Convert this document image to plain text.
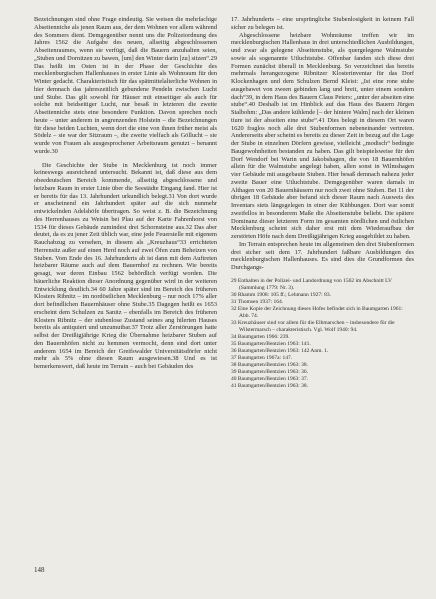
Bezeichnungen sind ohne Frage eindeutig. Sie weisen die mehrfachige Abseitenniche als jenen Raum aus, der dem Wohnen vor allem während des Sommers dient. Demgegenüber nennt uns die Polizeiordnung des Jahres 1562 die Aufgabe des neuen, allseitig abgeschlossenen Abseitenraumes, wenn sie verfügt, daß die Bauern anzuhalten seien, „Stuben und Dornitzen zu bawen, [um] den Winter darin [zu] sitzen“.29 Das heißt im Osten ist in der Phase der Geschichte des mecklenburgischen Hallenhauses in erster Linie als Wohnraum für den Winter gedacht. Charakteristisch für das spätmittelalterliche Wohnen in hier demnach das jahreszeitlich gebundene Pendeln zwischen Lucht und Stube. Das gilt sowohl für Häuser mit einseitiger als auch für solche mit beidseitiger Lucht, nur besaß in letzteren die zweite Abseitenniche stets eine besondere Funktion. Davon sprechen noch heute – unter anderem in angrenzenden Holstein – die Bezeichnungen für diese beiden Luchten, wenn dort die eine von ihnen früher meist als Södelz – sie war der Sitzraum –, die zweite vielfach als Göllucht – sie wurde von Frauen als ausgesprochener Arbeitsraum genutzt – benannt wurde.30

Die Geschichte der Stube in Mecklenburg ist noch immer keineswegs ausreichend untersucht. Bekannt ist, daß diese aus dem obeedeutschen Bereich kommende, allseitig abgeschlossene und heizbare Raum in erster Linie über die Seestädte Eingang fand. Hier ist er bereits für das 13. Jahrhundert urkundlich belegt.31 Von dort wurde er anscheinend ein Jahrhundert später auf die sich nunmehr entwickelnden Adelshöfe übertragen. So weist z. B. die Bezeichnung des Herrenhauses zu Weisin bei Plau auf der Karte Fahrenhorst von 1534 für dieses Gebäude zumindest drei Schornsteine aus.32 Das aber deutet, da es zu jener Zeit üblich war, eine jede Feuerstelle mit eigenem Rauchabzug zu versehen, in diesem als „Kreuzhaus“33 errichteten Herrensitz außer auf einen Herd noch auf zwei Öfen zum Beheizen von Stuben. Vom Ende des 16. Jahrhunderts ab ist dann mit dem Auftreten heizbarer Räume auch auf dem Bauernhof zu rechnen. Wie bereits gesagt, war deren Einbau 1562 behördlich verfügt worden. Die bäuerliche Reaktion dieser Anordnung gegenüber wird in der weiteren Entwicklung deutlich.34 60 Jahre später sind im Bereich des früheren Klosters Ribnitz – im nordöstlichen Mecklenburg – nur noch 17% aller dort befindlichen Bauernhäuser ohne Stube.35 Dagegen heißt es 1653 erscheint dem Schulzen zu Sanitz – ebenfalls im Bereich des früheren Klosters Ribnitz – der stubenlose Zustand seines ang hilerten Hauses bereits als antiquiert und unzumutbar.37 Trotz aller Zerstörungen hatte selbst der Dreißigjährige Krieg die Übernahme heizbarer Stuben auf den Bauernhöfen nicht zu hemmen vermocht, denn sind dort unter anderem 1654 im Bereich der Greifswalder Universitätsdörfer nicht mehr als 5% ohne diesen Raum ausgewiesen.38 Und es ist bemerkenswert, daß heute im Terrain – auch bei Gebäuden des

17. Jahrhunderts – eine ursprüngliche Stubenlosigkeit in keinem Fall sicher zu belegen ist.

Abgeschlossene heizbare Wohnräume treffen wir im mecklenburgischen Hallenhaus in drei unterschiedlichen Ausbildungen, und zwar als gelegene Abseitenstube, als quergelegene Walmstube sowie als sogenannte Utluchtstube. Offenbar fanden sich diese drei Formen zunächst überall in Mecklenburg. So verzeichnet das bereits mehrmals herangezogene Ribnitzer Klosterinventar für das Dorf Klockenhagen und dem Schulzen Bernd Kleist: „Ist eine rone stube ausgebawet von zween gebinden lang und breit, unter einem sondern dach“39, in dem Haus des Bauern Claus Peters: „unter der abseiten eine stube“.40 Deshalb ist im Hinblick auf das Haus des Bauern Jürgen Stalbohm: „Das andere kühlende [– der hintere Walm] nach der kleinen tiure ist der abseiten eine stube“.41 Dies belegt in diesem Ort waren 1620 fraglos noch alle drei Stubenformen nebeneinander vertreten. Andererseits aber scheint es bereits zu dieser Zeit in bezug auf die Lage der Stube in einzelnen Dörfern gewisse, vielleicht „modisch“ bedingte Baugewohnheiten bestanden zu haben. Das gilt beispielsweise für den Dorf Wendorf bei Warin und Jakobshagen, die von 18 Bauernhöfen allein für die Walmstube angelegt haben, allen sonst in Wilmshagen vier Gebäude mit ausgebaute Stuben. Hier besaß demnach nahezu jeder zweite Bauer eine Utluchtstube. Demgegenüber waren damals in Althagen von 20 Bauernhäusern nur noch zwei ohne Stuben. Bei 11 der übrigen 18 Gebäude aber befand sich dieser Raum nach Ausweis des Inventars stets längsgelegen in einer der Kübbungen. Dort war somit zweifellos in besonderem Maße die Abseitenstube beliebt. Die spätere Dominanz dieser letzteren Form im gesamten nördlichen und östlichen Mecklenburg scheint sich daher erst mit dem Wiederaufbau der zerstörten Höfe nach dem Dreißigjährigen Krieg ausgebildet zu haben.

Im Terrain entsprechen heute im allgemeinen den drei Stubenformen drei sicher seit dem 17. Jahrhundert faßbare Ausbildungen des mecklenburgischen Hallenhauses. Es sind dies die Grundformen des Durchgangs-

29 Enthalten in der Polizei- und Landordnung von 1562 im Abschnitt LV (Sammlung 1779: Nr. 3).

30 Rhamm 1908: 105 ff.; Lehmann 1927: 83.

31 Thomsen 1937: 164.

32 Eine Kopie der Zeichnung dieses Hofes befindet sich in Baumgarten 1961: Abb. 74.

33 Kreuzhäuser sind vor allem für die Elbmarschen – insbesondere für die Wilstermarsch – charakteristisch. Vgl. Wolf 1940: 94.

34 Baumgarten 1966: 239.

35 Baumgarten/Bentzien 1963: 141.

36 Baumgarten/Bentzien 1963: 142 Anm. 1.

37 Baumgarten 1967a: 147.

38 Baumgarten/Bentzien 1963: 38.

39 Baumgarten/Bentzien 1963: 36.

40 Baumgarten/Bentzien 1963: 37.

41 Baumgarten/Bentzien 1963: 38.

148
